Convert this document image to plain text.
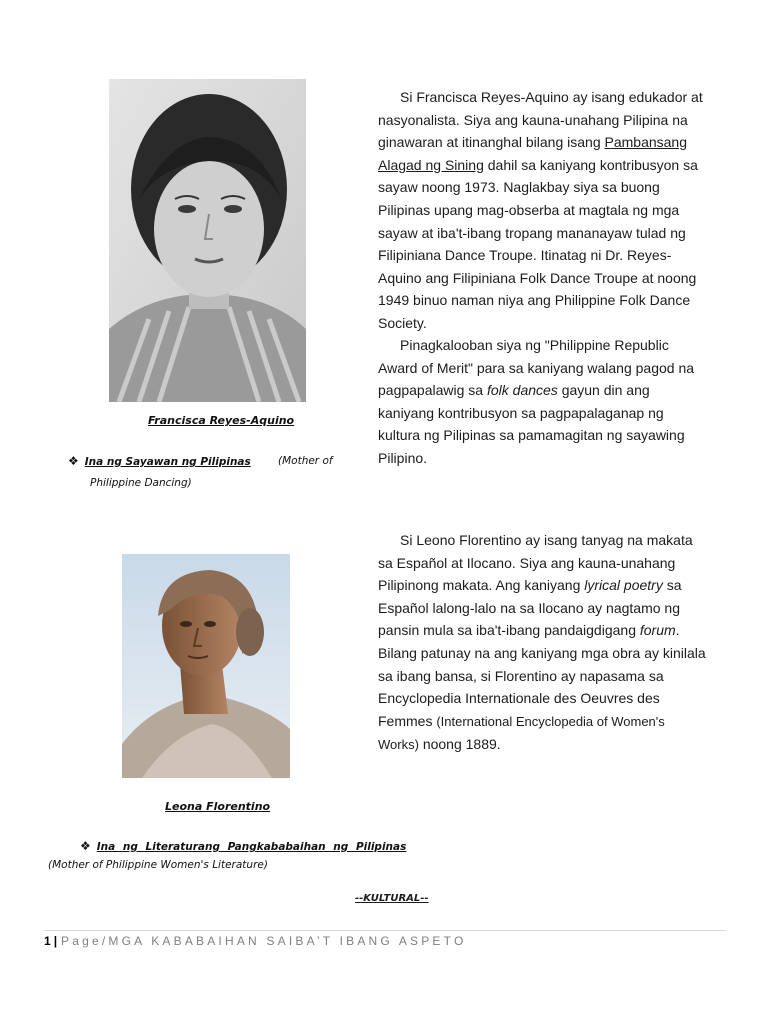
Francisca Reyes-Aquino
❖ Ina ng Sayawan ng Pilipinas	(Mother of
Philippine Dancing)

Si Francisca Reyes-Aquino ay isang edukador at nasyonalista. Siya ang kauna-unahang Pilipina na ginawaran at itinanghal bilang isang Pambansang Alagad ng Sining dahil sa kaniyang kontribusyon sa sayaw noong 1973. Naglakbay siya sa buong Pilipinas upang mag-obserba at magtala ng mga sayaw at iba't-ibang tropang mananayaw tulad ng Filipiniana Dance Troupe. Itinatag ni Dr. Reyes-Aquino ang Filipiniana Folk Dance Troupe at noong 1949 binuo naman niya ang Philippine Folk Dance Society.

Pinagkalooban siya ng "Philippine Republic Award of Merit" para sa kaniyang walang pagod na pagpapalawig sa folk dances gayun din ang kaniyang kontribusyon sa pagpapalaganap ng kultura ng Pilipinas sa pamamagitan ng sayawing Pilipino.

Leona Florentino
❖ Ina ng Literaturang Pangkababaihan ng Pilipinas
(Mother of Philippine Women's Literature)

Si Leono Florentino ay isang tanyag na makata sa Español at Ilocano. Siya ang kauna-unahang Pilipinong makata. Ang kaniyang lyrical poetry sa Español lalong-lalo na sa Ilocano ay nagtamo ng pansin mula sa iba't-ibang pandaigdigang forum. Bilang patunay na ang kaniyang mga obra ay kinilala sa ibang bansa, si Florentino ay napasama sa Encyclopedia Internationale des Oeuvres des Femmes (International Encyclopedia of Women's Works) noong 1889.

--KULTURAL--
1 | Page/MGA KABABAIHAN SAIBA’T IBANG ASPETO
